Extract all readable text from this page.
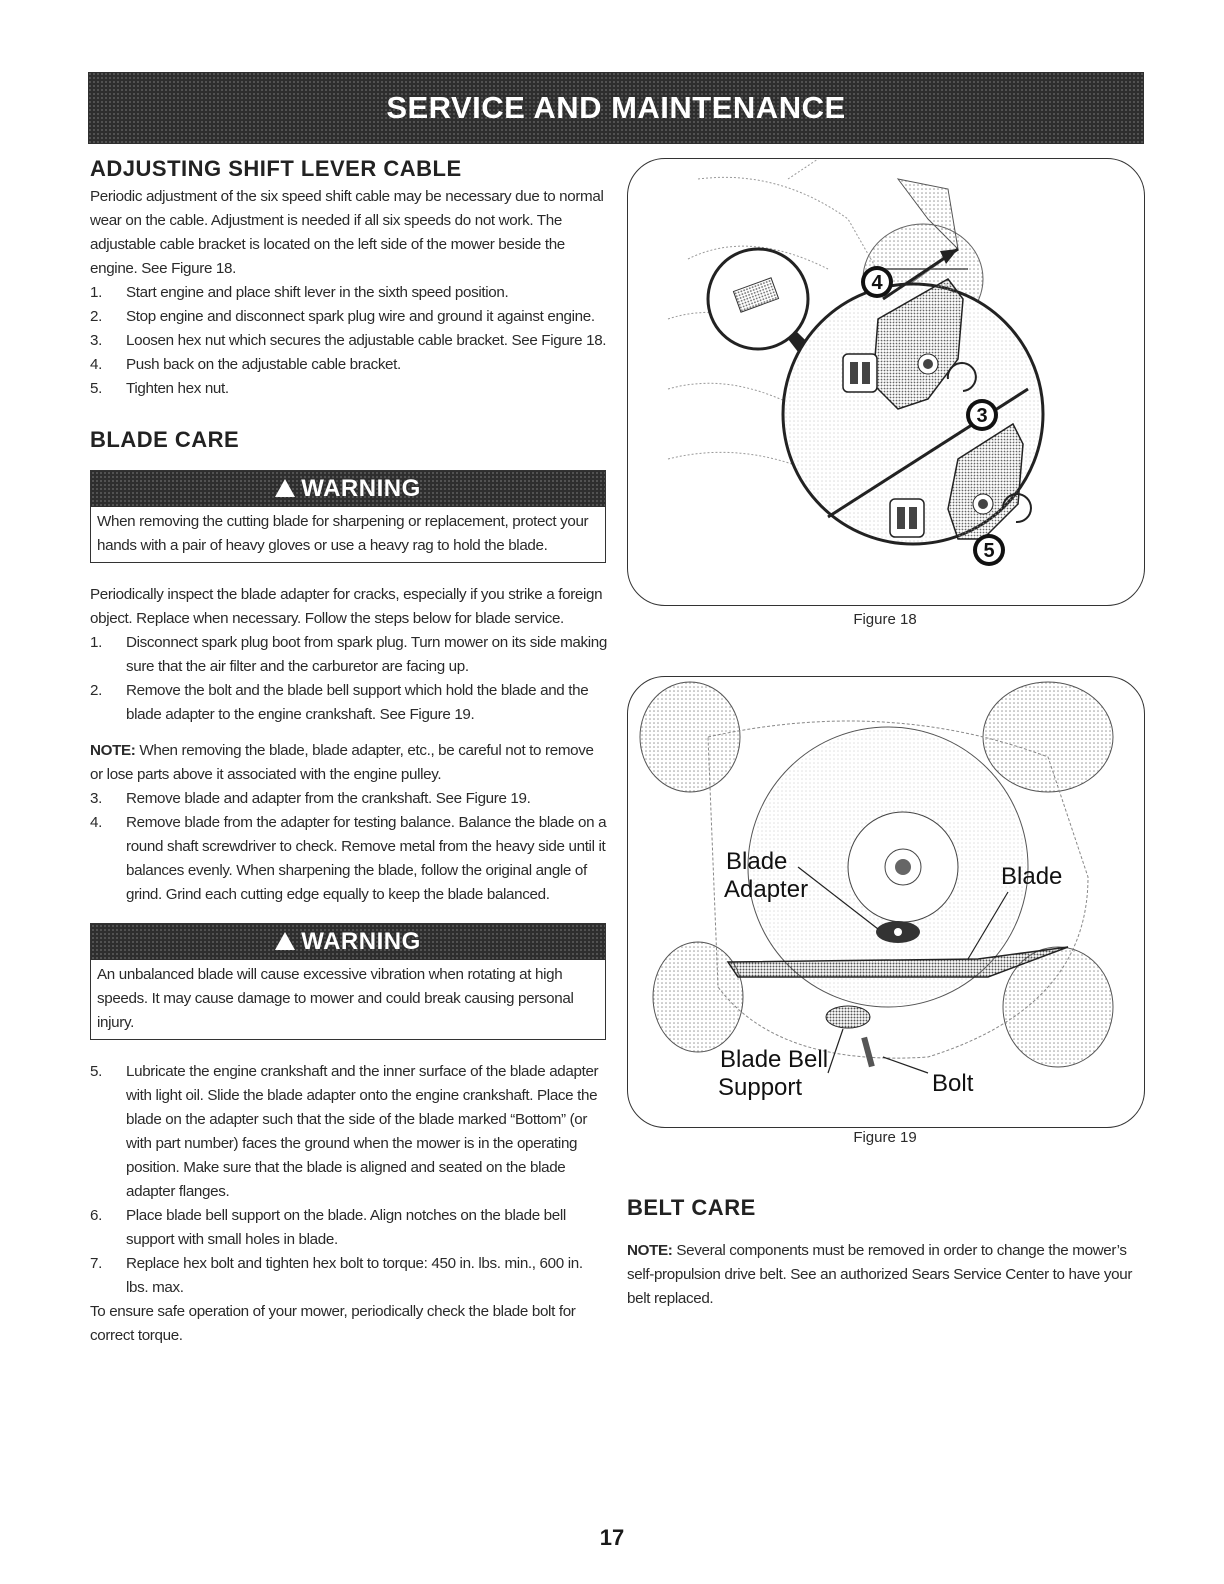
SERVICE AND MAINTENANCE
ADJUSTING SHIFT LEVER CABLE

Periodic adjustment of the six speed shift cable may be necessary due to normal wear on the cable. Adjustment is needed if all six speeds do not work. The adjustable cable bracket is located on the left side of the mower beside the engine. See Figure 18.

1. Start engine and place shift lever in the sixth speed position.
2. Stop engine and disconnect spark plug wire and ground it against engine.
3. Loosen hex nut which secures the adjustable cable bracket. See Figure 18.
4. Push back on the adjustable cable bracket.
5. Tighten hex nut.
BLADE CARE
WARNING
When removing the cutting blade for sharpening or replacement, protect your hands with a pair of heavy gloves or use a heavy rag to hold the blade.

Periodically inspect the blade adapter for cracks, especially if you strike a foreign object. Replace when necessary. Follow the steps below for blade service.

1. Disconnect spark plug boot from spark plug. Turn mower on its side making sure that the air filter and the carburetor are facing up.
2. Remove the bolt and the blade bell support which hold the blade and the blade adapter to the engine crankshaft. See Figure 19.

NOTE: When removing the blade, blade adapter, etc., be careful not to remove or lose parts above it associated with the engine pulley.

3. Remove blade and adapter from the crankshaft. See Figure 19.
4. Remove blade from the adapter for testing balance. Balance the blade on a round shaft screwdriver to check. Remove metal from the heavy side until it balances evenly. When sharpening the blade, follow the original angle of grind. Grind each cutting edge equally to keep the blade balanced.
WARNING
An unbalanced blade will cause excessive vibration when rotating at high speeds. It may cause damage to mower and could break causing personal injury.
5. Lubricate the engine crankshaft and the inner surface of the blade adapter with light oil. Slide the blade adapter onto the engine crankshaft. Place the blade on the adapter such that the side of the blade marked “Bottom” (or with part number) faces the ground when the mower is in the operating position. Make sure that the blade is aligned and seated on the blade adapter flanges.
6. Place blade bell support on the blade. Align notches on the blade bell support with small holes in blade.
7. Replace hex bolt and tighten hex bolt to torque: 450 in. lbs. min., 600 in. lbs. max.

To ensure safe operation of your mower, periodically check the blade bolt for correct torque.

4
3
5
Figure 18
Blade
Adapter	Blade
Blade Bell
Support	Bolt
Figure 19
BELT CARE

NOTE: Several components must be removed in order to change the mower’s self-propulsion drive belt. See an authorized Sears Service Center to have your belt replaced.

17
